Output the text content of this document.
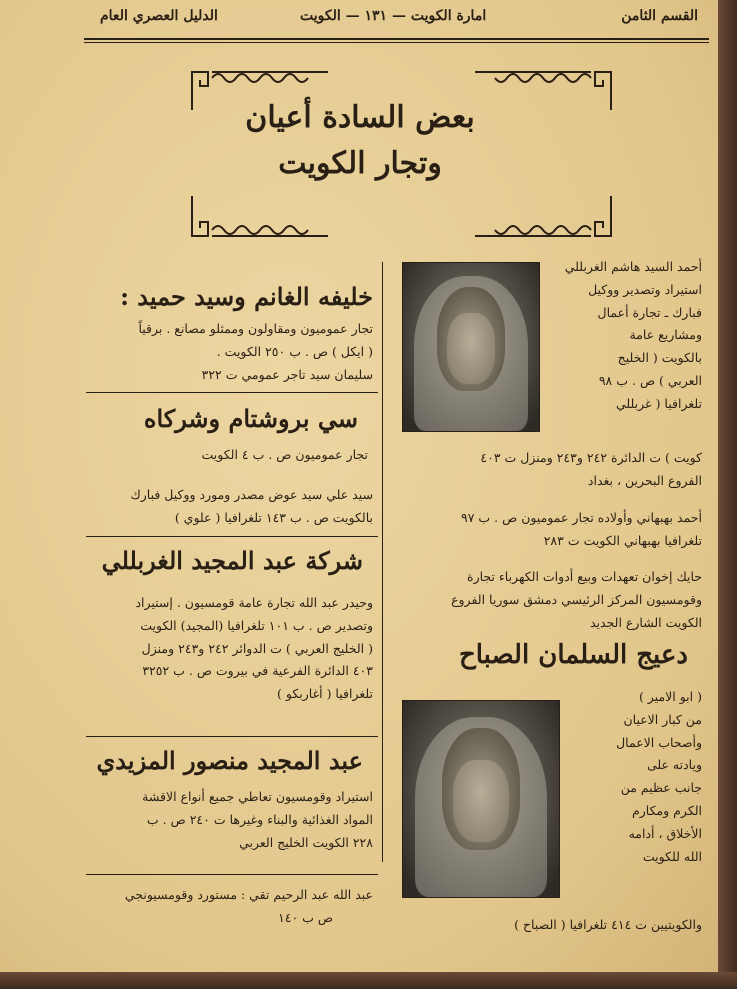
القسم الثامن
امارة الكويت — ١٣١ — الكويت
الدليل العصري العام
بعض السادة أعيان
وتجار الكويت
أحمد السيد هاشم الغربللي
استيراد وتصدير ووكيل
فبارك ـ تجارة أعمال
ومشاريع عامة
بالكويت ( الخليج
العربي ) ص . ب ٩٨
تلغرافيا ( غربللي
كويت ) ت الدائرة ٢٤٢ و٢٤٣ ومنزل ت ٤٠٣
الفروع البحرين ، بغداد
أحمد بهبهاني وأولاده تجار عموميون ص . ب ٩٧
تلغرافيا بهبهاني الكويت ت ٢٨٣
حايك إخوان تعهدات وبيع أدوات الكهرباء تجارة
وقومسيون المركز الرئيسي دمشق سوريا الفروع
الكويت الشارع الجديد
دعيج السلمان الصباح
( ابو الامير )
من كبار الاعيان
وأصحاب الاعمال
ويادته على
جانب عظيم من
الكرم ومكارم
الأخلاق ، أدامه
الله للكويت
والكويتيين ت ٤١٤ تلغرافيا ( الصباح )
خليفه الغانم وسيد حميد :
تجار عموميون ومقاولون وممثلو مصانع . برقياً
( ايكل ) ص . ب ٢٥٠ الكويت .
سليمان سيد تاجر عمومي ت ٣٢٢
سي بروشتام وشركاه
تجار عموميون ص . ب ٤ الكويت
سيد علي سيد عوض مصدر ومورد ووكيل فبارك
بالكويت ص . ب ١٤٣ تلغرافيا ( علوي )
شركة عبد المجيد الغربللي
وحيدر عبد الله تجارة عامة قومسيون . إستيراد
وتصدير ص . ب ١٠١ تلغرافيا (المجيد) الكويت
( الخليج العربي ) ت الدوائر ٢٤٢ و٢٤٣ ومنزل
٤٠٣ الدائرة الفرعية في بيروت ص . ب ٣٢٥٢
تلغرافيا ( أغاربكو )
عبد المجيد منصور المزيدي
استيراد وقومسيون تعاطي جميع أنواع الاقشة
المواد الغذائية والبناء وغيرها ت ٢٤٠ ص . ب
٢٢٨ الكويت الخليج العربي
عبد الله عبد الرحيم تقي : مستورد وقومسيونجي
ص ب ١٤٠
